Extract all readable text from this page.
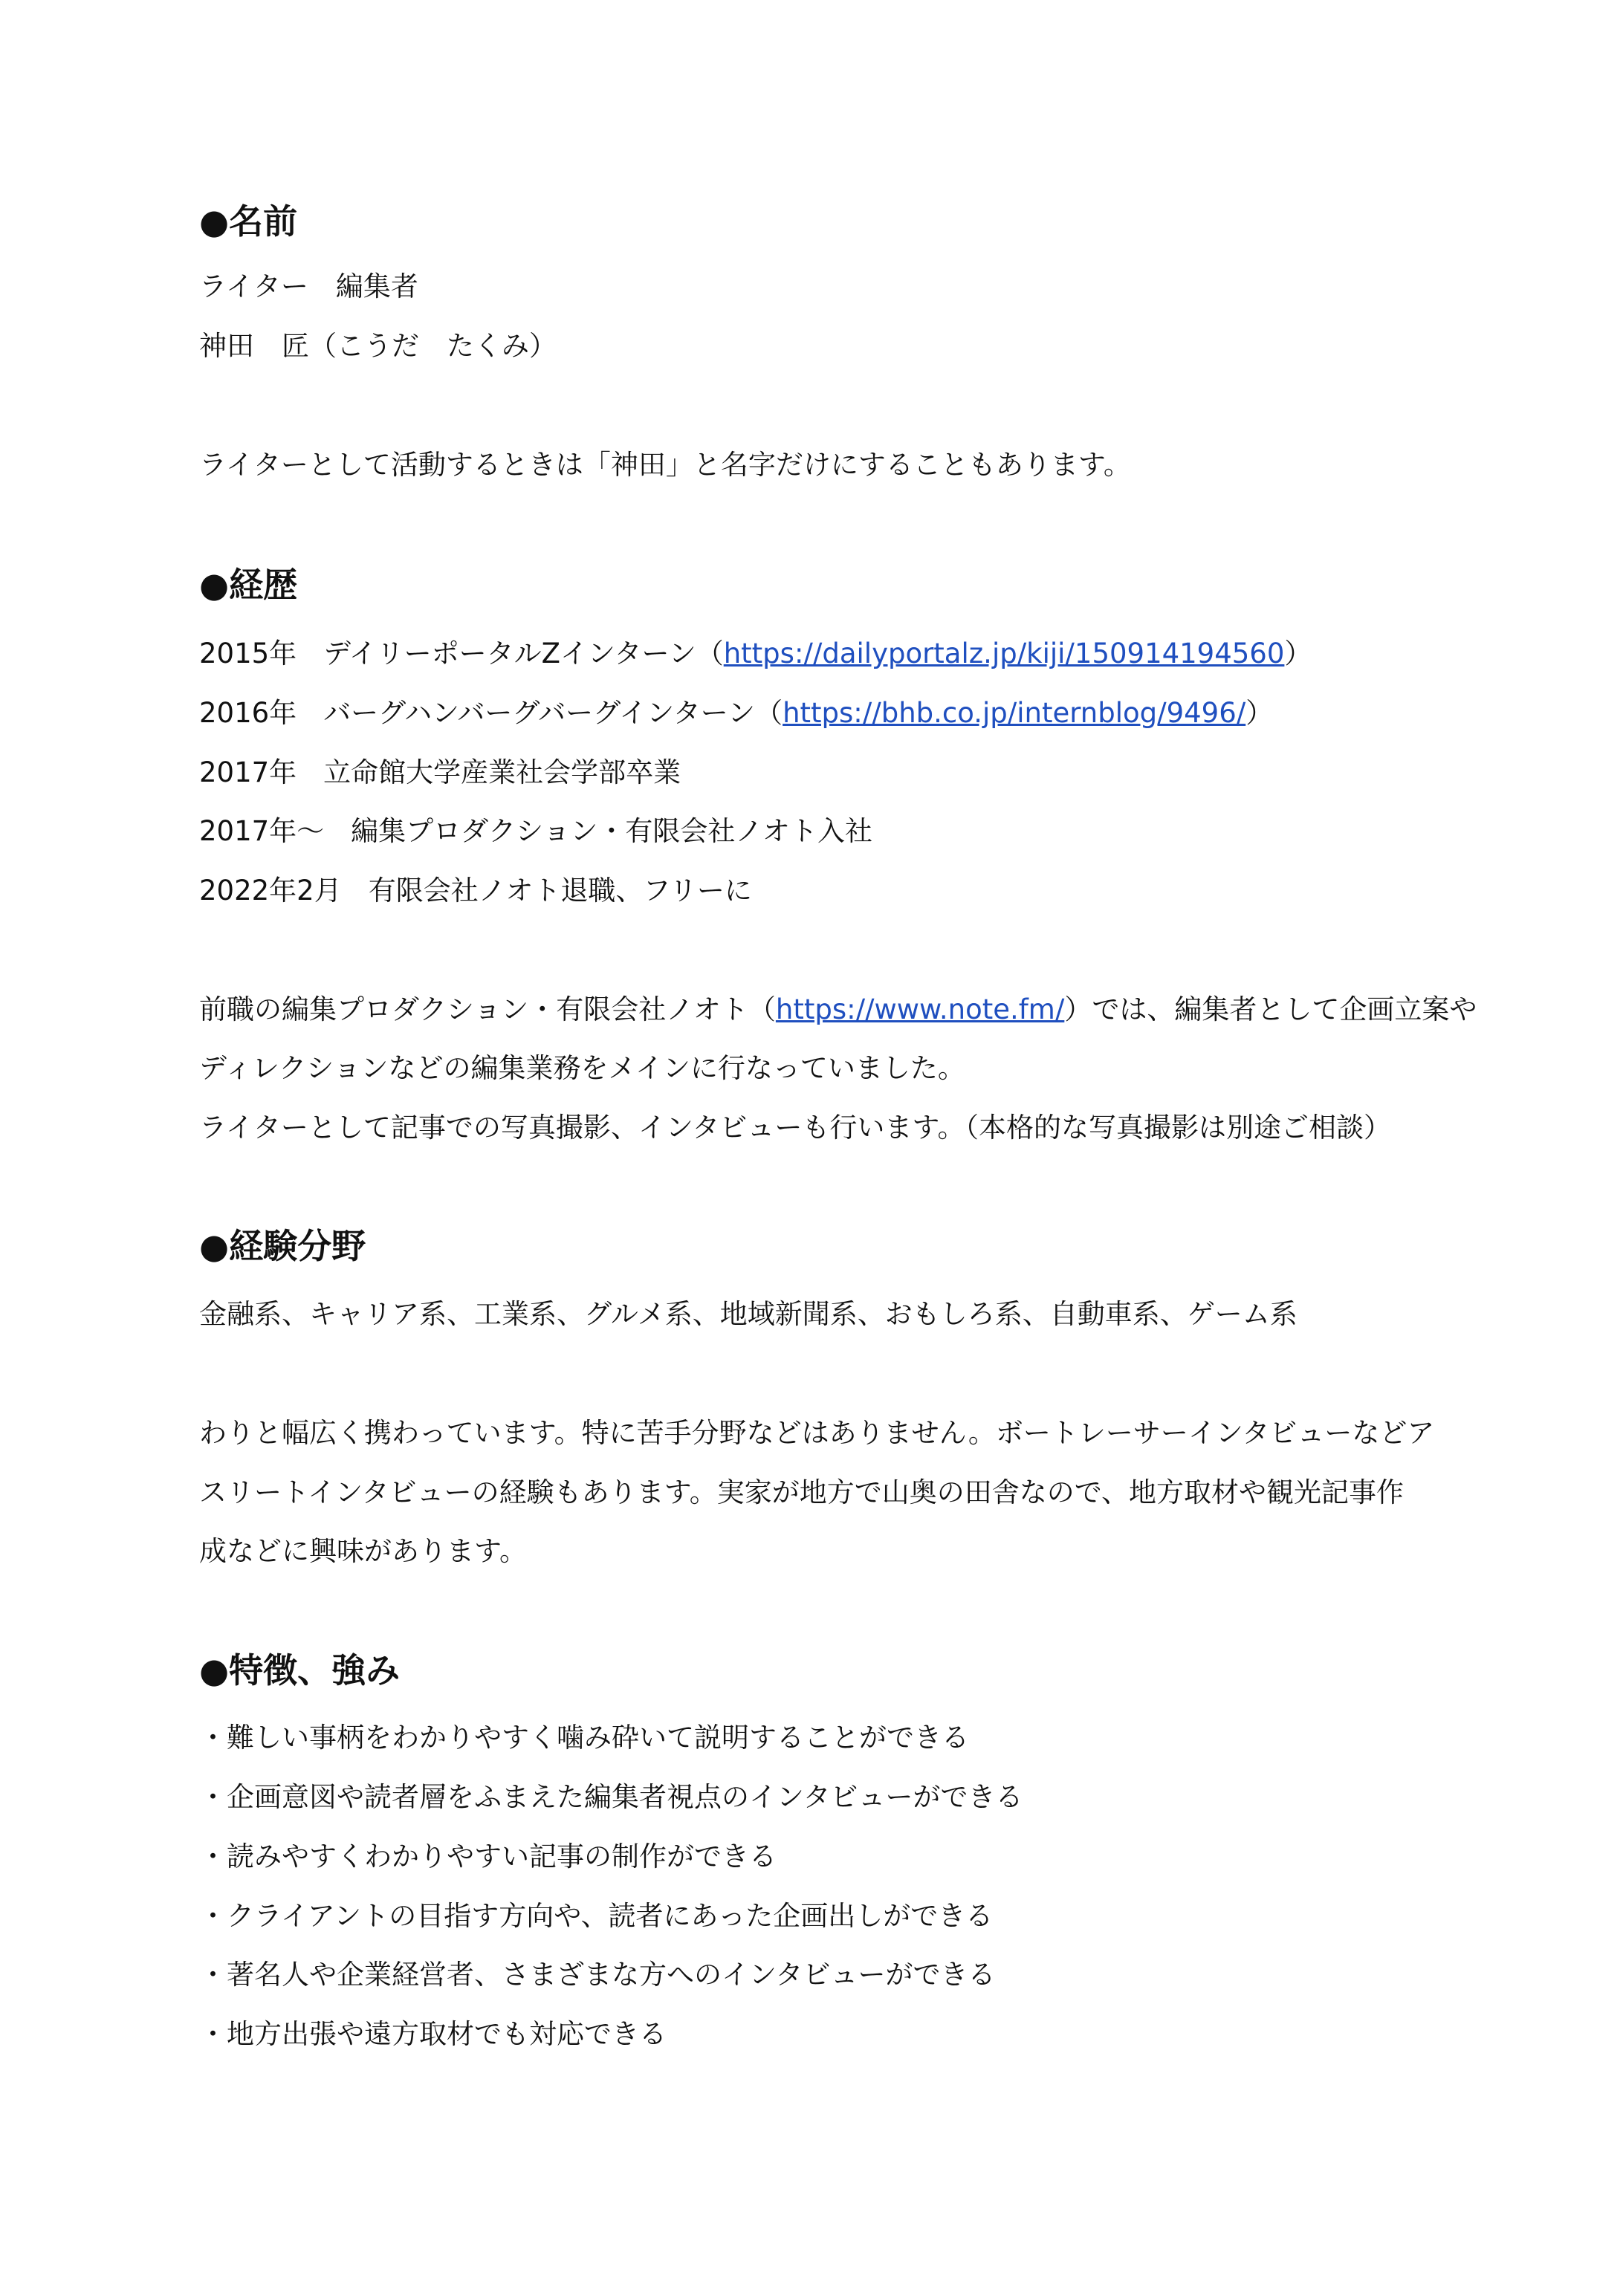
●名前
ライター　編集者
神田　匠（こうだ　たくみ）
ライターとして活動するときは「神田」と名字だけにすることもあります。
●経歴
2015年 デイリーポータルZインターン（https://dailyportalz.jp/kiji/150914194560）
2016年 バーグハンバーグバーグインターン（https://bhb.co.jp/internblog/9496/）
2017年 立命館大学産業社会学部卒業
2017年～ 編集プロダクション・有限会社ノオト入社
2022年2月 有限会社ノオト退職、フリーに
前職の編集プロダクション・有限会社ノオト（https://www.note.fm/）では、編集者として企画立案や
ディレクションなどの編集業務をメインに行なっていました。
ライターとして記事での写真撮影、インタビューも行います。（本格的な写真撮影は別途ご相談）
●経験分野
金融系、キャリア系、工業系、グルメ系、地域新聞系、おもしろ系、自動車系、ゲーム系
わりと幅広く携わっています。特に苦手分野などはありません。ボートレーサーインタビューなどア
スリートインタビューの経験もあります。実家が地方で山奥の田舎なので、地方取材や観光記事作
成などに興味があります。
●特徴、強み
・難しい事柄をわかりやすく噛み砕いて説明することができる
・企画意図や読者層をふまえた編集者視点のインタビューができる
・読みやすくわかりやすい記事の制作ができる
・クライアントの目指す方向や、読者にあった企画出しができる
・著名人や企業経営者、さまざまな方へのインタビューができる
・地方出張や遠方取材でも対応できる
